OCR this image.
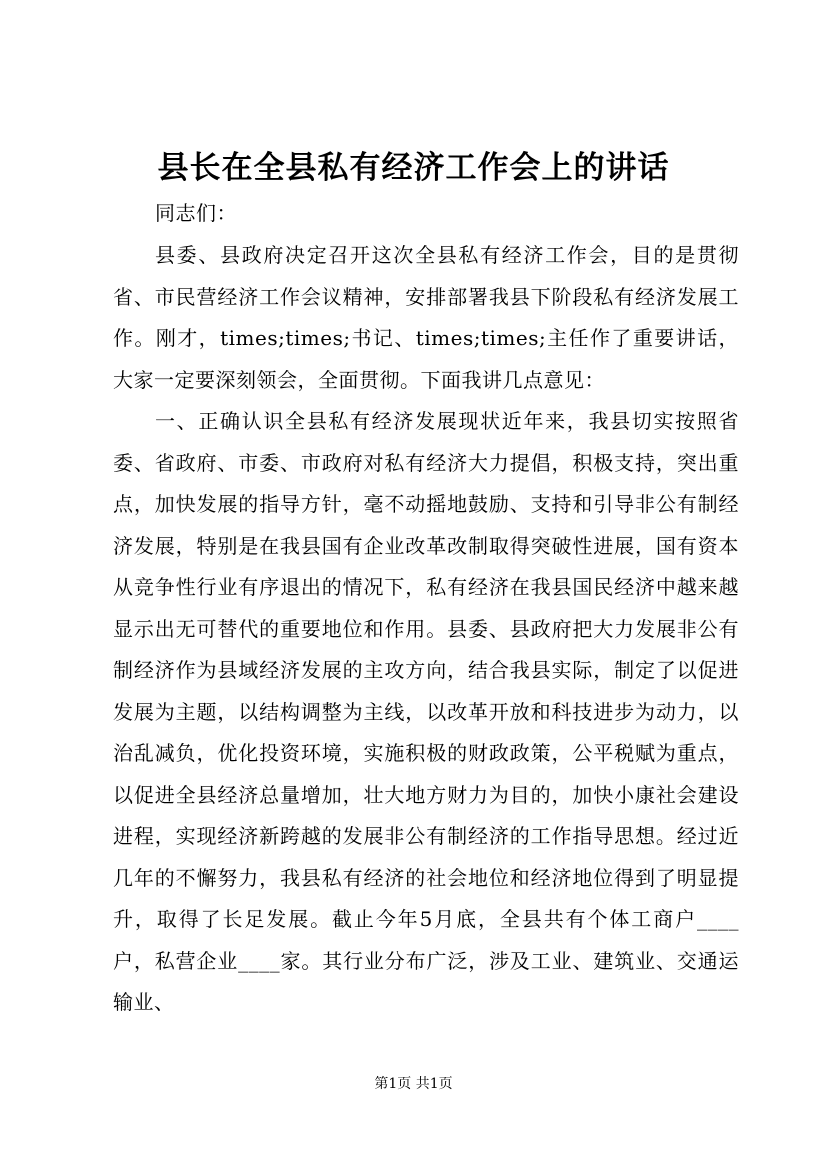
县长在全县私有经济工作会上的讲话
同志们：
县委、县政府决定召开这次全县私有经济工作会，目的是贯彻省、市民营经济工作会议精神，安排部署我县下阶段私有经济发展工作。刚才，times;times;书记、times;times;主任作了重要讲话，大家一定要深刻领会，全面贯彻。下面我讲几点意见：
一、正确认识全县私有经济发展现状近年来，我县切实按照省委、省政府、市委、市政府对私有经济大力提倡，积极支持，突出重点，加快发展的指导方针，毫不动摇地鼓励、支持和引导非公有制经济发展，特别是在我县国有企业改革改制取得突破性进展，国有资本从竞争性行业有序退出的情况下，私有经济在我县国民经济中越来越显示出无可替代的重要地位和作用。县委、县政府把大力发展非公有制经济作为县域经济发展的主攻方向，结合我县实际，制定了以促进发展为主题，以结构调整为主线，以改革开放和科技进步为动力，以治乱减负，优化投资环境，实施积极的财政政策，公平税赋为重点，以促进全县经济总量增加，壮大地方财力为目的，加快小康社会建设进程，实现经济新跨越的发展非公有制经济的工作指导思想。经过近几年的不懈努力，我县私有经济的社会地位和经济地位得到了明显提升，取得了长足发展。截止今年5月底，全县共有个体工商户____户，私营企业____家。其行业分布广泛，涉及工业、建筑业、交通运输业、
第1页 共1页
